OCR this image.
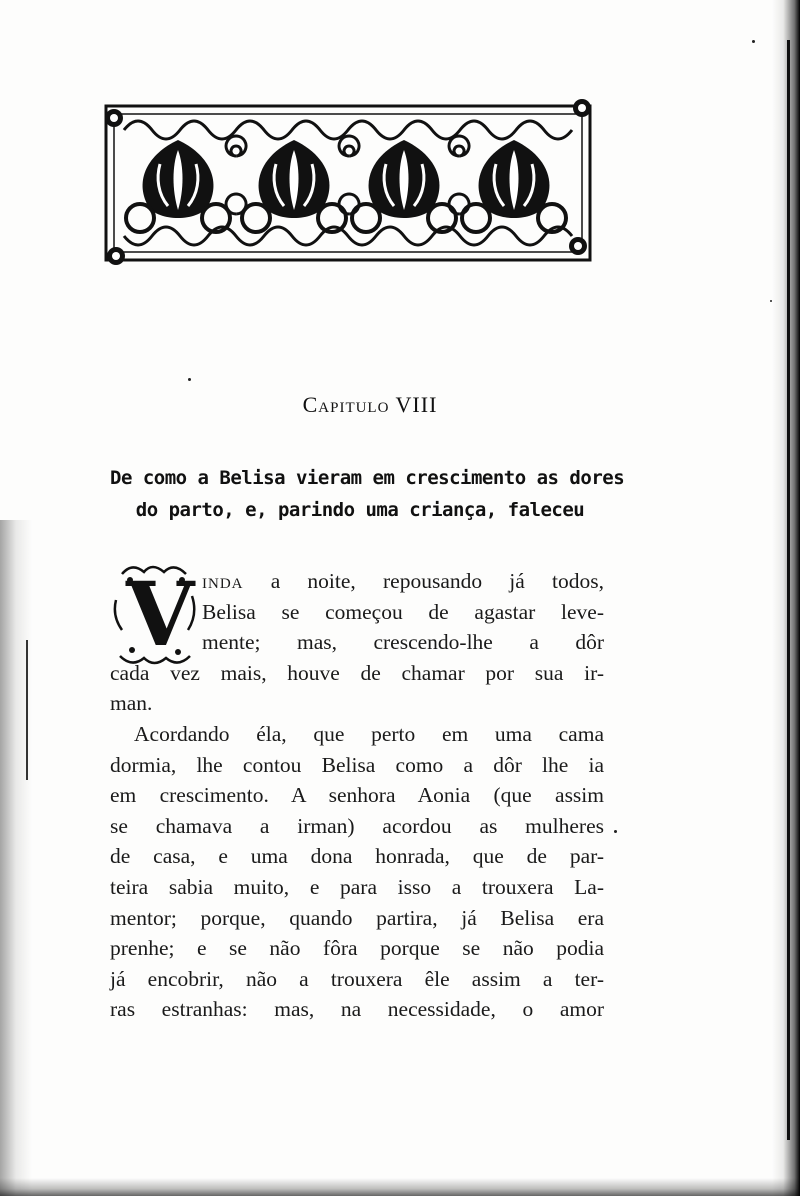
Capitulo VIII
De como a Belisa vieram em crescimento as dores
do parto, e, parindo uma criança, faleceu
V inda a noite, repousando já todos,
Belisa se começou de agastar leve-
mente; mas, crescendo-lhe a dôr
cada vez mais, houve de chamar por sua ir-
man.
Acordando éla, que perto em uma cama
dormia, lhe contou Belisa como a dôr lhe ia
em crescimento. A senhora Aonia (que assim
se chamava a irman) acordou as mulheres
de casa, e uma dona honrada, que de par-
teira sabia muito, e para isso a trouxera La-
mentor; porque, quando partira, já Belisa era
prenhe; e se não fôra porque se não podia
já encobrir, não a trouxera êle assim a ter-
ras estranhas: mas, na necessidade, o amor
